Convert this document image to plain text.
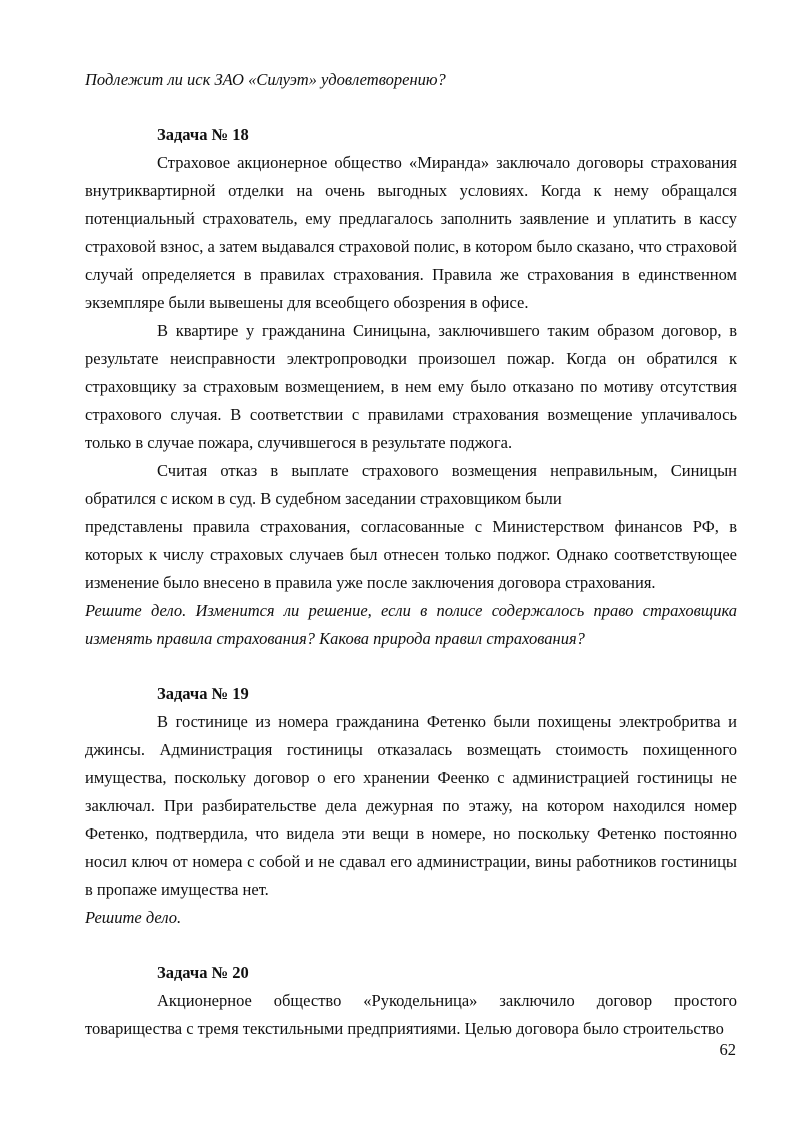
Подлежит ли иск ЗАО «Силуэт» удовлетворению?

Задача № 18

Страховое акционерное общество «Миранда» заключало договоры страхования внутриквартирной отделки на очень выгодных условиях. Когда к нему обращался потенциальный страхователь, ему предлагалось заполнить заявление и уплатить в кассу страховой взнос, а затем выдавался страховой полис, в котором было сказано, что страховой случай определяется в правилах страхования. Правила же страхования в единственном экземпляре были вывешены для всеобщего обозрения в офисе.

В квартире у гражданина Синицына, заключившего таким образом договор, в результате неисправности электропроводки произошел пожар. Когда он обратился к страховщику за страховым возмещением, в нем ему было отказано по мотиву отсутствия страхового случая. В соответствии с правилами страхования возмещение уплачивалось только в случае пожара, случившегося в результате поджога.

Считая отказ в выплате страхового возмещения неправильным, Синицын обратился с иском в суд. В судебном заседании страховщиком были

представлены правила страхования, согласованные с Министерством финансов РФ, в которых к числу страховых случаев был отнесен только поджог. Однако соответствующее изменение было внесено в правила уже после заключения договора страхования.

Решите дело. Изменится ли решение, если в полисе содержалось право страховщика изменять правила страхования? Какова природа правил страхования?

Задача № 19

В гостинице из номера гражданина Фетенко были похищены электробритва и джинсы. Администрация гостиницы отказалась возмещать стоимость похищенного имущества, поскольку договор о его хранении Феенко с администрацией гостиницы не заключал. При разбирательстве дела дежурная по этажу, на котором находился номер Фетенко, подтвердила, что видела эти вещи в номере, но поскольку Фетенко постоянно носил ключ от номера с собой и не сдавал его администрации, вины работников гостиницы в пропаже имущества нет.

Решите дело.

Задача № 20

Акционерное общество «Рукодельница» заключило договор простого товарищества с тремя текстильными предприятиями. Целью договора было строительство

62
